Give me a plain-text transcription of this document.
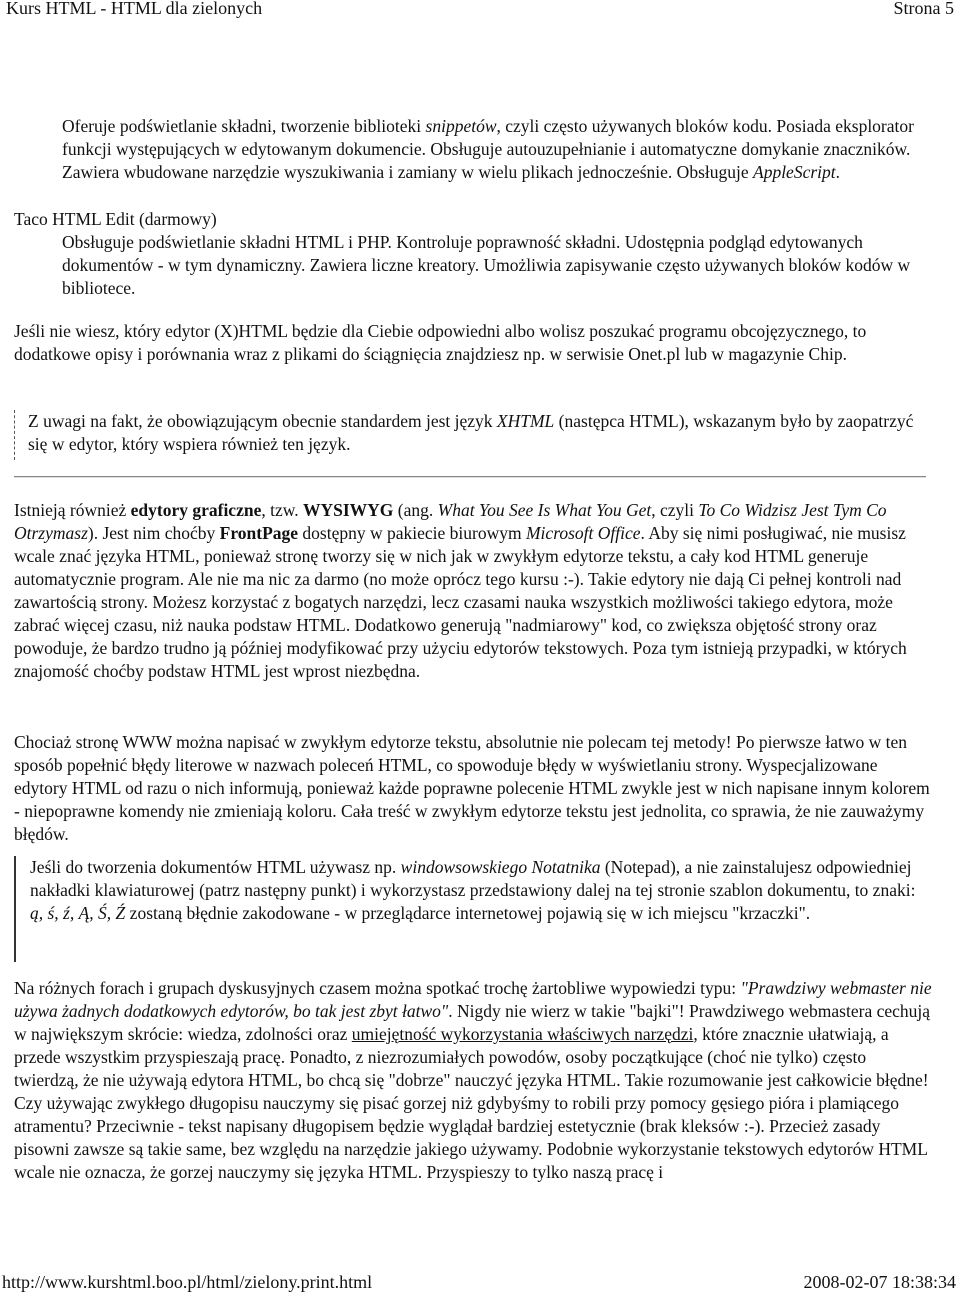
Kurs HTML - HTML dla zielonych	Strona 5
Oferuje podświetlanie składni, tworzenie biblioteki snippetów, czyli często używanych bloków kodu. Posiada eksplorator funkcji występujących w edytowanym dokumencie. Obsługuje autouzupełnianie i automatyczne domykanie znaczników. Zawiera wbudowane narzędzie wyszukiwania i zamiany w wielu plikach jednocześnie. Obsługuje AppleScript.
Taco HTML Edit (darmowy)
Obsługuje podświetlanie składni HTML i PHP. Kontroluje poprawność składni. Udostępnia podgląd edytowanych dokumentów - w tym dynamiczny. Zawiera liczne kreatory. Umożliwia zapisywanie często używanych bloków kodów w bibliotece.
Jeśli nie wiesz, który edytor (X)HTML będzie dla Ciebie odpowiedni albo wolisz poszukać programu obcojęzycznego, to dodatkowe opisy i porównania wraz z plikami do ściągnięcia znajdziesz np. w serwisie Onet.pl lub w magazynie Chip.
Z uwagi na fakt, że obowiązującym obecnie standardem jest język XHTML (następca HTML), wskazanym było by zaopatrzyć się w edytor, który wspiera również ten język.
Istnieją również edytory graficzne, tzw. WYSIWYG (ang. What You See Is What You Get, czyli To Co Widzisz Jest Tym Co Otrzymasz). Jest nim choćby FrontPage dostępny w pakiecie biurowym Microsoft Office. Aby się nimi posługiwać, nie musisz wcale znać języka HTML, ponieważ stronę tworzy się w nich jak w zwykłym edytorze tekstu, a cały kod HTML generuje automatycznie program. Ale nie ma nic za darmo (no może oprócz tego kursu :-). Takie edytory nie dają Ci pełnej kontroli nad zawartością strony. Możesz korzystać z bogatych narzędzi, lecz czasami nauka wszystkich możliwości takiego edytora, może zabrać więcej czasu, niż nauka podstaw HTML. Dodatkowo generują "nadmiarowy" kod, co zwiększa objętość strony oraz powoduje, że bardzo trudno ją później modyfikować przy użyciu edytorów tekstowych. Poza tym istnieją przypadki, w których znajomość choćby podstaw HTML jest wprost niezbędna.
Chociaż stronę WWW można napisać w zwykłym edytorze tekstu, absolutnie nie polecam tej metody! Po pierwsze łatwo w ten sposób popełnić błędy literowe w nazwach poleceń HTML, co spowoduje błędy w wyświetlaniu strony. Wyspecjalizowane edytory HTML od razu o nich informują, ponieważ każde poprawne polecenie HTML zwykle jest w nich napisane innym kolorem - niepoprawne komendy nie zmieniają koloru. Cała treść w zwykłym edytorze tekstu jest jednolita, co sprawia, że nie zauważymy błędów.
Jeśli do tworzenia dokumentów HTML używasz np. windowsowskiego Notatnika (Notepad), a nie zainstalujesz odpowiedniej nakładki klawiaturowej (patrz następny punkt) i wykorzystasz przedstawiony dalej na tej stronie szablon dokumentu, to znaki: ą, ś, ź, Ą, Ś, Ź zostaną błędnie zakodowane - w przeglądarce internetowej pojawią się w ich miejscu "krzaczki".
Na różnych forach i grupach dyskusyjnych czasem można spotkać trochę żartobliwe wypowiedzi typu: "Prawdziwy webmaster nie używa żadnych dodatkowych edytorów, bo tak jest zbyt łatwo". Nigdy nie wierz w takie "bajki"! Prawdziwego webmastera cechują w największym skrócie: wiedza, zdolności oraz umiejętność wykorzystania właściwych narzędzi, które znacznie ułatwiają, a przede wszystkim przyspieszają pracę. Ponadto, z niezrozumiałych powodów, osoby początkujące (choć nie tylko) często twierdzą, że nie używają edytora HTML, bo chcą się "dobrze" nauczyć języka HTML. Takie rozumowanie jest całkowicie błędne! Czy używając zwykłego długopisu nauczymy się pisać gorzej niż gdybyśmy to robili przy pomocy gęsiego pióra i plamiącego atramentu? Przeciwnie - tekst napisany długopisem będzie wyglądał bardziej estetycznie (brak kleksów :-). Przecież zasady pisowni zawsze są takie same, bez względu na narzędzie jakiego używamy. Podobnie wykorzystanie tekstowych edytorów HTML wcale nie oznacza, że gorzej nauczymy się języka HTML. Przyspieszy to tylko naszą pracę i
http://www.kurshtml.boo.pl/html/zielony.print.html	2008-02-07 18:38:34
